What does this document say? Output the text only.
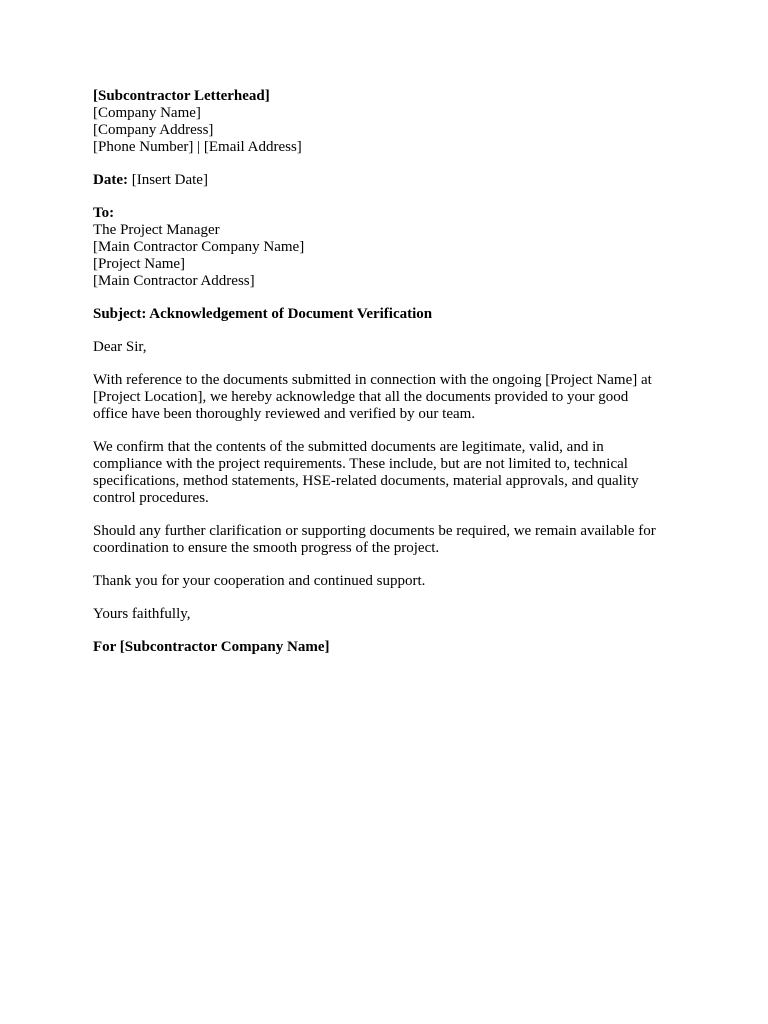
[Subcontractor Letterhead]
[Company Name]
[Company Address]
[Phone Number] | [Email Address]
Date: [Insert Date]
To:
The Project Manager
[Main Contractor Company Name]
[Project Name]
[Main Contractor Address]
Subject: Acknowledgement of Document Verification
Dear Sir,
With reference to the documents submitted in connection with the ongoing [Project Name] at
[Project Location], we hereby acknowledge that all the documents provided to your good
office have been thoroughly reviewed and verified by our team.
We confirm that the contents of the submitted documents are legitimate, valid, and in
compliance with the project requirements. These include, but are not limited to, technical
specifications, method statements, HSE-related documents, material approvals, and quality
control procedures.
Should any further clarification or supporting documents be required, we remain available for
coordination to ensure the smooth progress of the project.
Thank you for your cooperation and continued support.
Yours faithfully,
For [Subcontractor Company Name]
